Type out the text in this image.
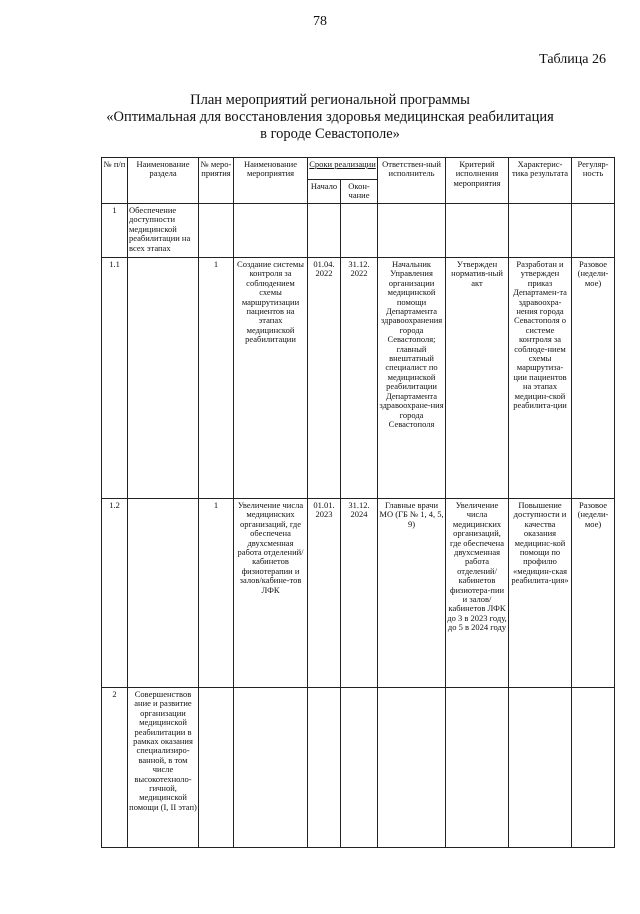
78
Таблица 26
План мероприятий региональной программы
«Оптимальная для восстановления здоровья медицинская реабилитация
в городе Севастополе»
№ п/п	Наименование раздела	№ меро-приятия	Наименование мероприятия	Сроки реализации		Ответствен-ный исполнитель	Критерий исполнения мероприятия	Характерис-тика результата	Регуляр-ность
				Начало	Окон-чание				
1	Обеспечение доступности медицинской реабилитации на всех этапах								
1.1		1	Создание системы контроля за соблюдением схемы маршрутизации пациентов на этапах медицинской реабилитации	01.04. 2022	31.12. 2022	Начальник Управления организации медицинской помощи Департамента здравоохранения города Севастополя; главный внештатный специалист по медицинской реабилитации Департамента здравоохране-ния города Севастополя	Утвержден норматив-ный акт	Разработан и утвержден приказ Департамен-та здравоохра-нения города Севастополя о системе контроля за соблюде-нием схемы маршрутиза-ции пациентов на этапах медицин-ской реабилита-ции	Разовое (недели-мое)
1.2		1	Увеличение числа медицинских организаций, где обеспечена двухсменная работа отделений/ кабинетов физиотерапии и залов/кабине-тов ЛФК	01.01. 2023	31.12. 2024	Главные врачи МО (ГБ № 1, 4, 5, 9)	Увеличение числа медицинских организаций, где обеспечена двухсменная работа отделений/ кабинетов физиотера-пии и залов/ кабинетов ЛФК до 3 в 2023 году, до 5 в 2024 году	Повышение доступности и качества оказания медицинс-кой помощи по профилю «медицин-ская реабилита-ция»	Разовое (недели-мое)
2	Совершенствов ание и развитие организации медицинской реабилитации в рамках оказания специализиро-ванной, в том числе высокотехноло-гичной, медицинской помощи (I, II этап)								
